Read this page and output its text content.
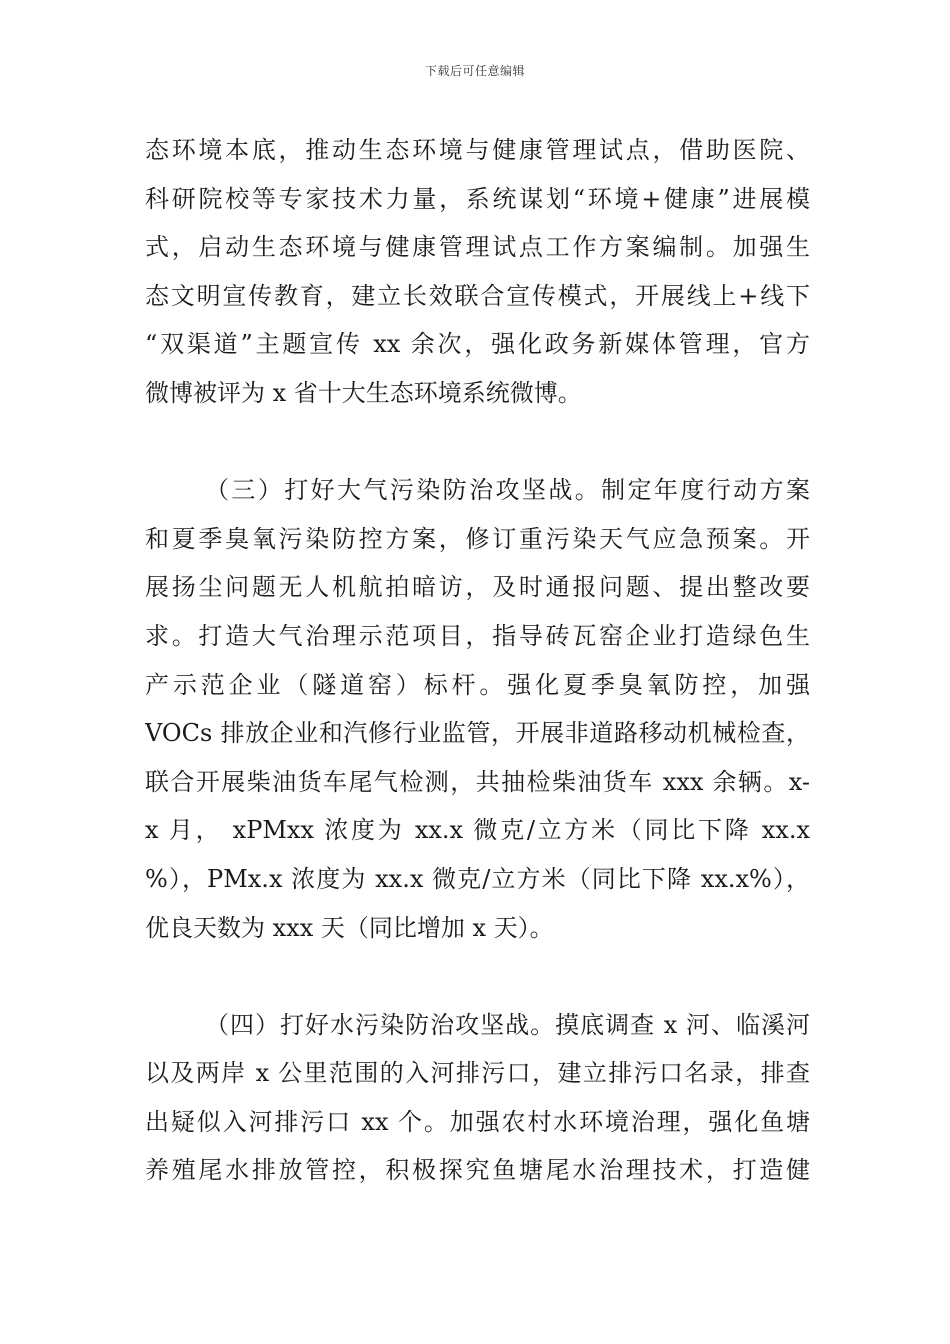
下载后可任意编辑
态环境本底，推动生态环境与健康管理试点，借助医院、
科研院校等专家技术力量，系统谋划“环境+健康”进展模
式，启动生态环境与健康管理试点工作方案编制。加强生
态文明宣传教育，建立长效联合宣传模式，开展线上+线下
“双渠道”主题宣传 xx 余次，强化政务新媒体管理，官方
微博被评为 x 省十大生态环境系统微博。
（三）打好大气污染防治攻坚战。制定年度行动方案
和夏季臭氧污染防控方案，修订重污染天气应急预案。开
展扬尘问题无人机航拍暗访，及时通报问题、提出整改要
求。打造大气治理示范项目，指导砖瓦窑企业打造绿色生
产示范企业（隧道窑）标杆。强化夏季臭氧防控，加强
VOCs 排放企业和汽修行业监管，开展非道路移动机械检查，
联合开展柴油货车尾气检测，共抽检柴油货车 xxx 余辆。x-
x 月， xPMxx 浓度为 xx.x 微克/立方米（同比下降 xx.x
%），PMx.x 浓度为 xx.x 微克/立方米（同比下降 xx.x%），
优良天数为 xxx 天（同比增加 x 天）。
（四）打好水污染防治攻坚战。摸底调查 x 河、临溪河
以及两岸 x 公里范围的入河排污口，建立排污口名录，排查
出疑似入河排污口 xx 个。加强农村水环境治理，强化鱼塘
养殖尾水排放管控，积极探究鱼塘尾水治理技术，打造健
